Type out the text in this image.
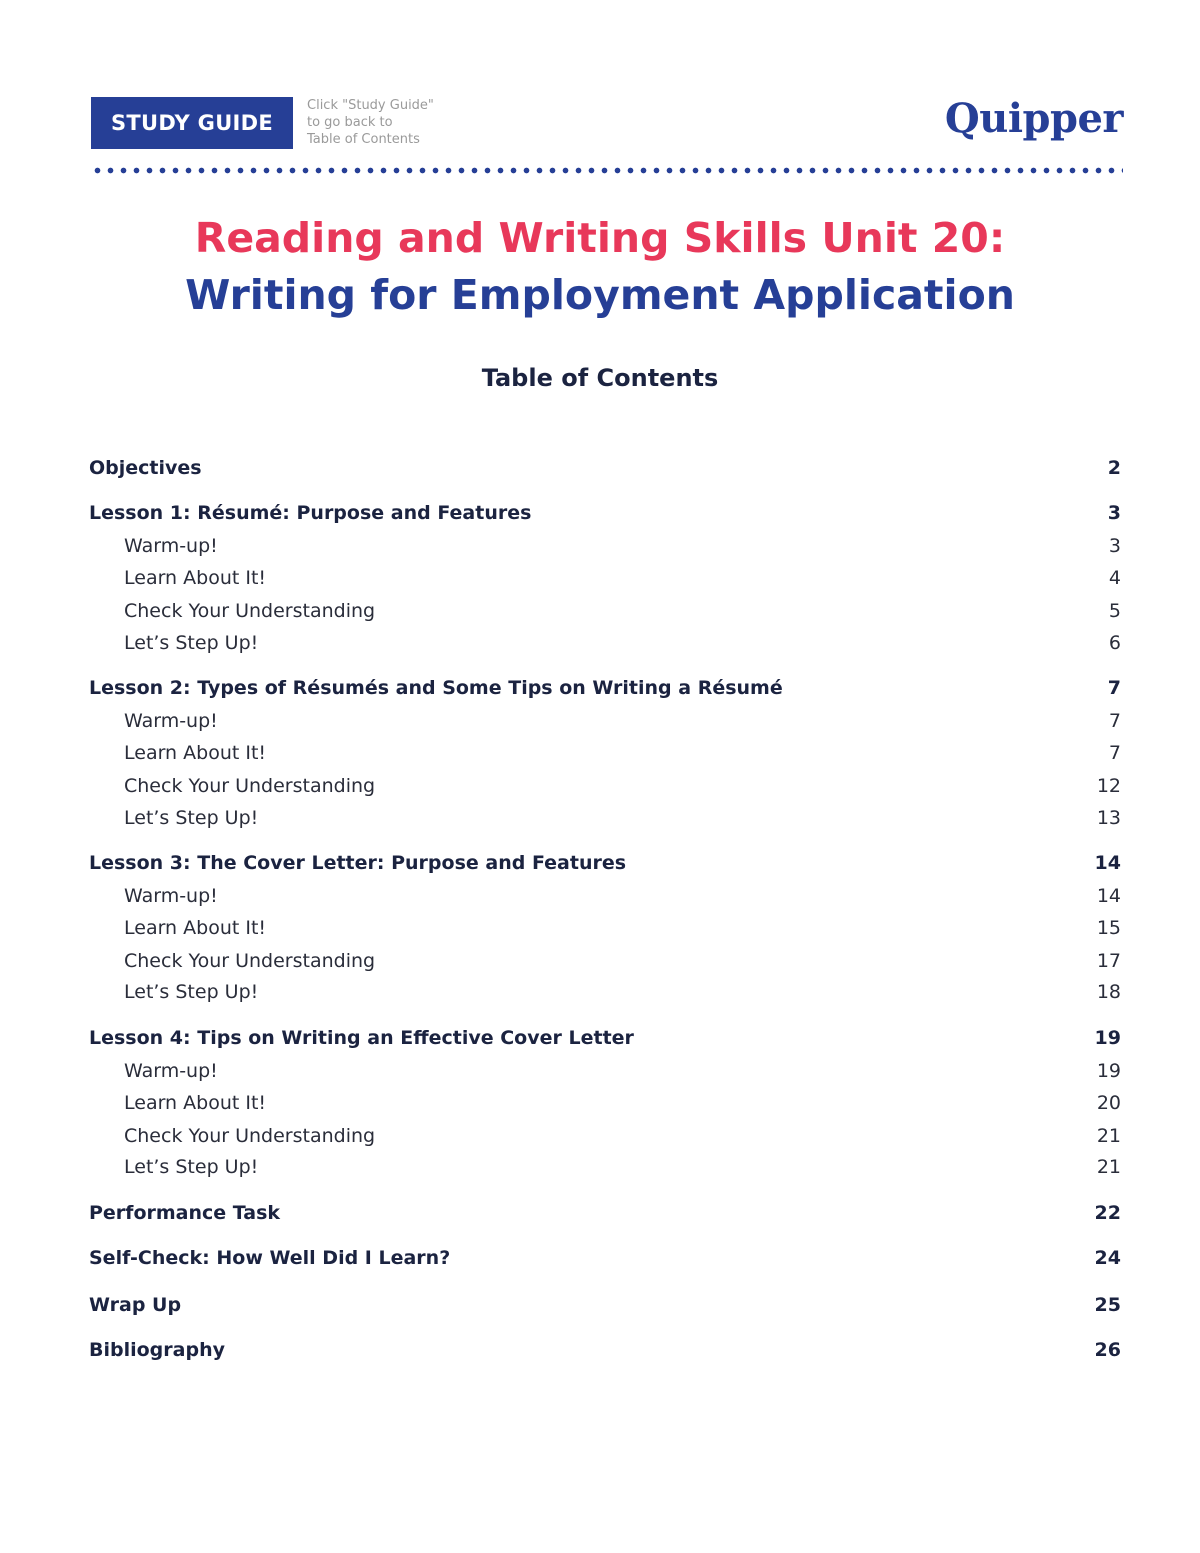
STUDY GUIDE
Click "Study Guide"
to go back to
Table of Contents	Quipper
Reading and Writing Skills Unit 20:
Writing for Employment Application
Table of Contents
Objectives	2
Lesson 1: Résumé: Purpose and Features	3
Warm-up!	3
Learn About It!	4
Check Your Understanding	5
Let’s Step Up!	6
Lesson 2: Types of Résumés and Some Tips on Writing a Résumé	7
Warm-up!	7
Learn About It!	7
Check Your Understanding	12
Let’s Step Up!	13
Lesson 3: The Cover Letter: Purpose and Features	14
Warm-up!	14
Learn About It!	15
Check Your Understanding	17
Let’s Step Up!	18
Lesson 4: Tips on Writing an Effective Cover Letter	19
Warm-up!	19
Learn About It!	20
Check Your Understanding	21
Let’s Step Up!	21
Performance Task	22
Self-Check: How Well Did I Learn?	24
Wrap Up	25
Bibliography	26
